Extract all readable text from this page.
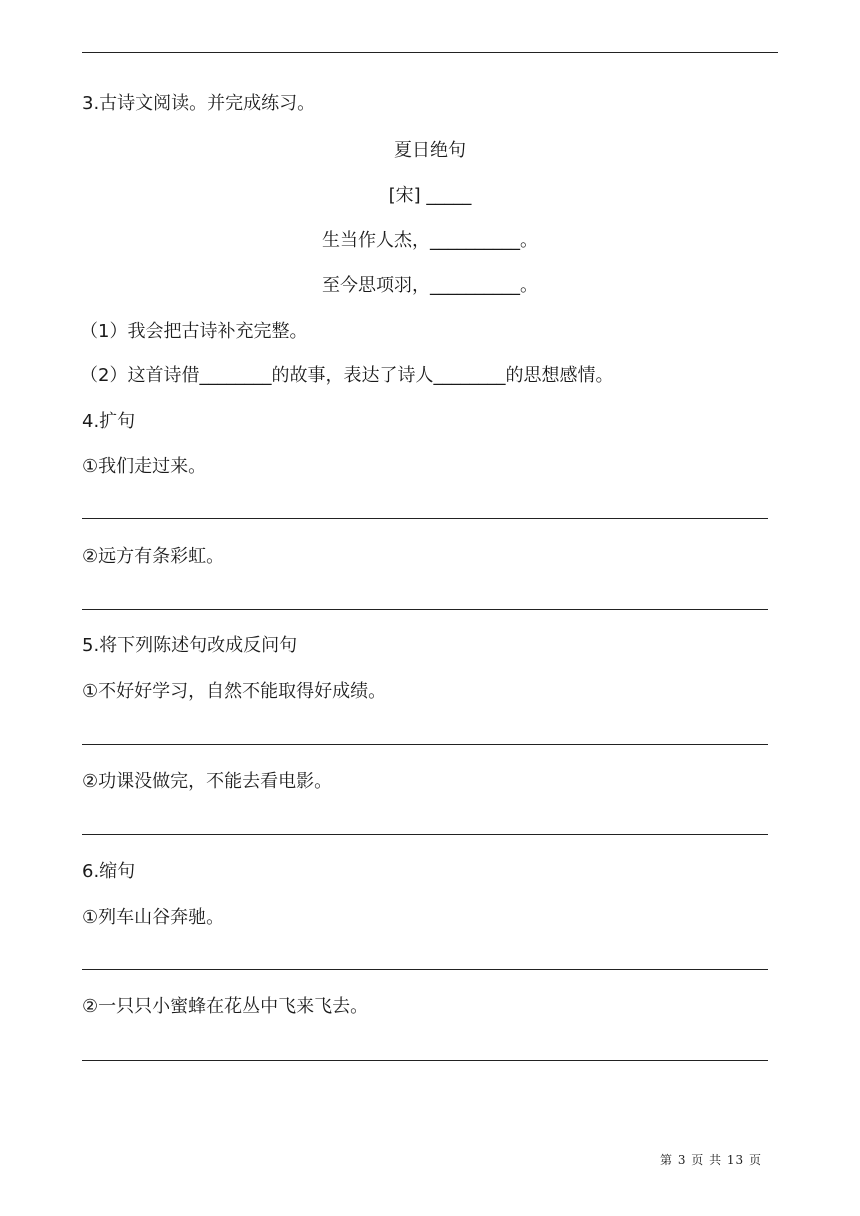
3.古诗文阅读。并完成练习。
夏日绝句
[宋] _____
生当作人杰，__________。
至今思项羽，__________。
（1）我会把古诗补充完整。
（2）这首诗借________的故事，表达了诗人________的思想感情。
4.扩句
①我们走过来。
②远方有条彩虹。
5.将下列陈述句改成反问句
①不好好学习，自然不能取得好成绩。
②功课没做完，不能去看电影。
6.缩句
①列车山谷奔驰。
②一只只小蜜蜂在花丛中飞来飞去。
第 3 页 共 13 页
